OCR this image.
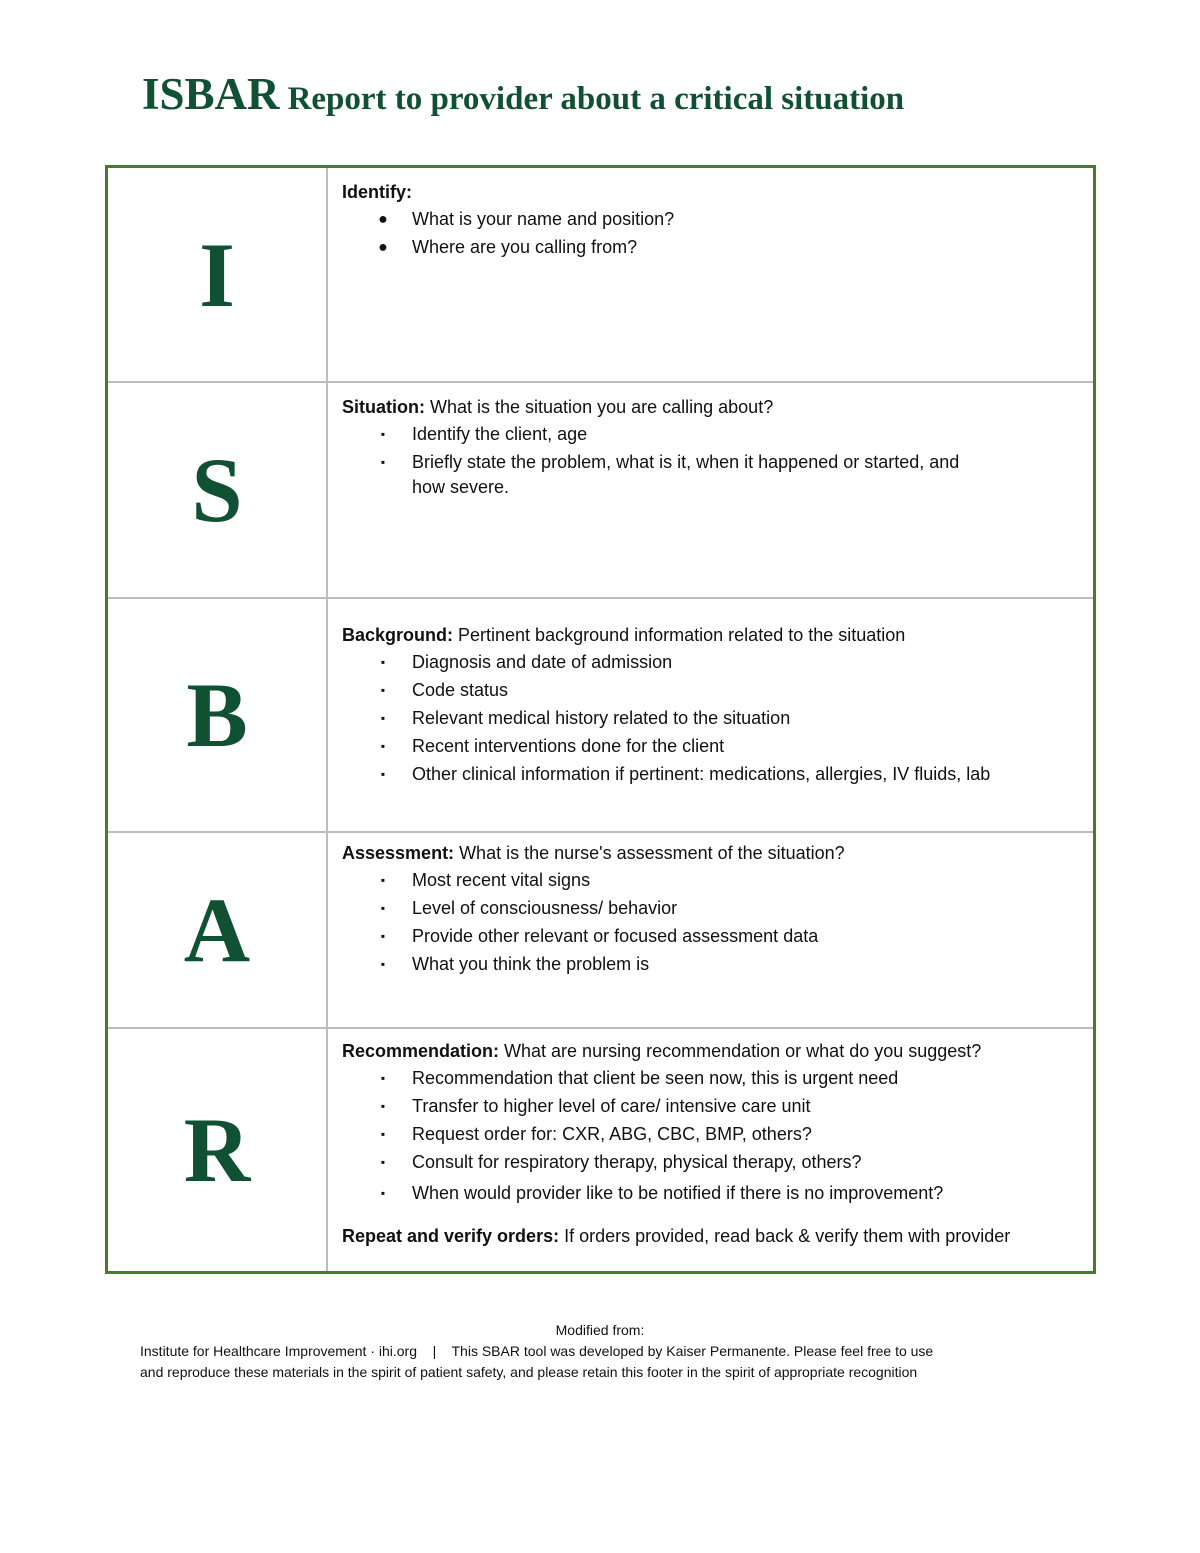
ISBAR Report to provider about a critical situation
I
Identify:
● What is your name and position?
● Where are you calling from?
S
Situation: What is the situation you are calling about?
▪ Identify the client, age
▪ Briefly state the problem, what is it, when it happened or started, and how severe.
B
Background: Pertinent background information related to the situation
▪ Diagnosis and date of admission
▪ Code status
▪ Relevant medical history related to the situation
▪ Recent interventions done for the client
▪ Other clinical information if pertinent: medications, allergies, IV fluids, lab
A
Assessment: What is the nurse's assessment of the situation?
▪ Most recent vital signs
▪ Level of consciousness/ behavior
▪ Provide other relevant or focused assessment data
▪ What you think the problem is
R
Recommendation: What are nursing recommendation or what do you suggest?
▪ Recommendation that client be seen now, this is urgent need
▪ Transfer to higher level of care/ intensive care unit
▪ Request order for: CXR, ABG, CBC, BMP, others?
▪ Consult for respiratory therapy, physical therapy, others?
▪ When would provider like to be notified if there is no improvement?
Repeat and verify orders: If orders provided, read back & verify them with provider
Modified from:
Institute for Healthcare Improvement · ihi.org    |    This SBAR tool was developed by Kaiser Permanente. Please feel free to use
and reproduce these materials in the spirit of patient safety, and please retain this footer in the spirit of appropriate recognition
